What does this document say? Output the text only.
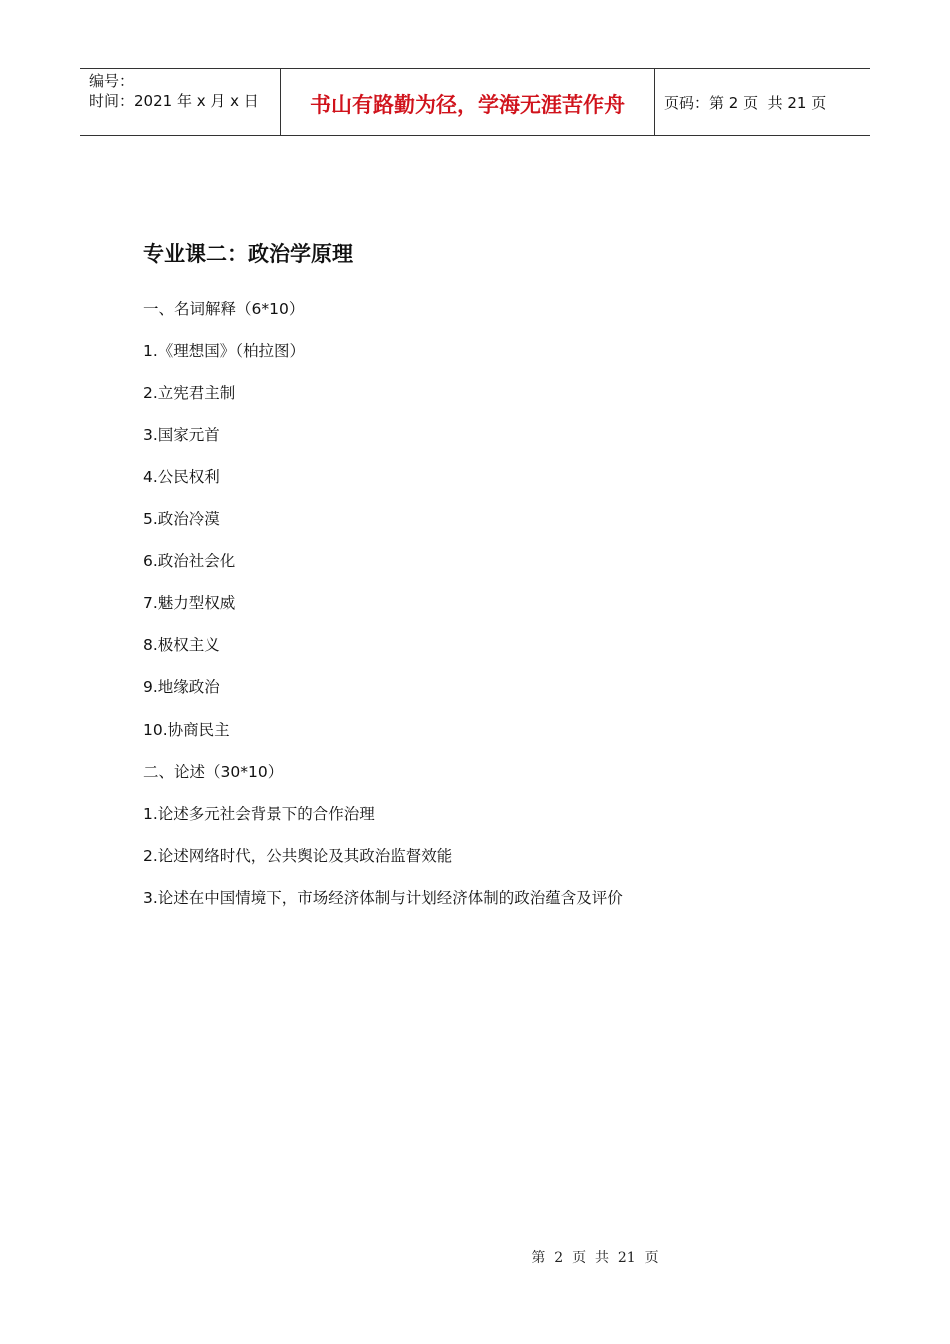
编号：
时间：2021 年 x 月 x 日	书山有路勤为径，学海无涯苦作舟	页码：第 2 页  共 21 页
专业课二：政治学原理
一、名词解释（6*10）
1.《理想国》（柏拉图）
2.立宪君主制
3.国家元首
4.公民权利
5.政治冷漠
6.政治社会化
7.魅力型权威
8.极权主义
9.地缘政治
10.协商民主
二、论述（30*10）
1.论述多元社会背景下的合作治理
2.论述网络时代，公共舆论及其政治监督效能
3.论述在中国情境下，市场经济体制与计划经济体制的政治蕴含及评价
第  2  页  共  21  页
